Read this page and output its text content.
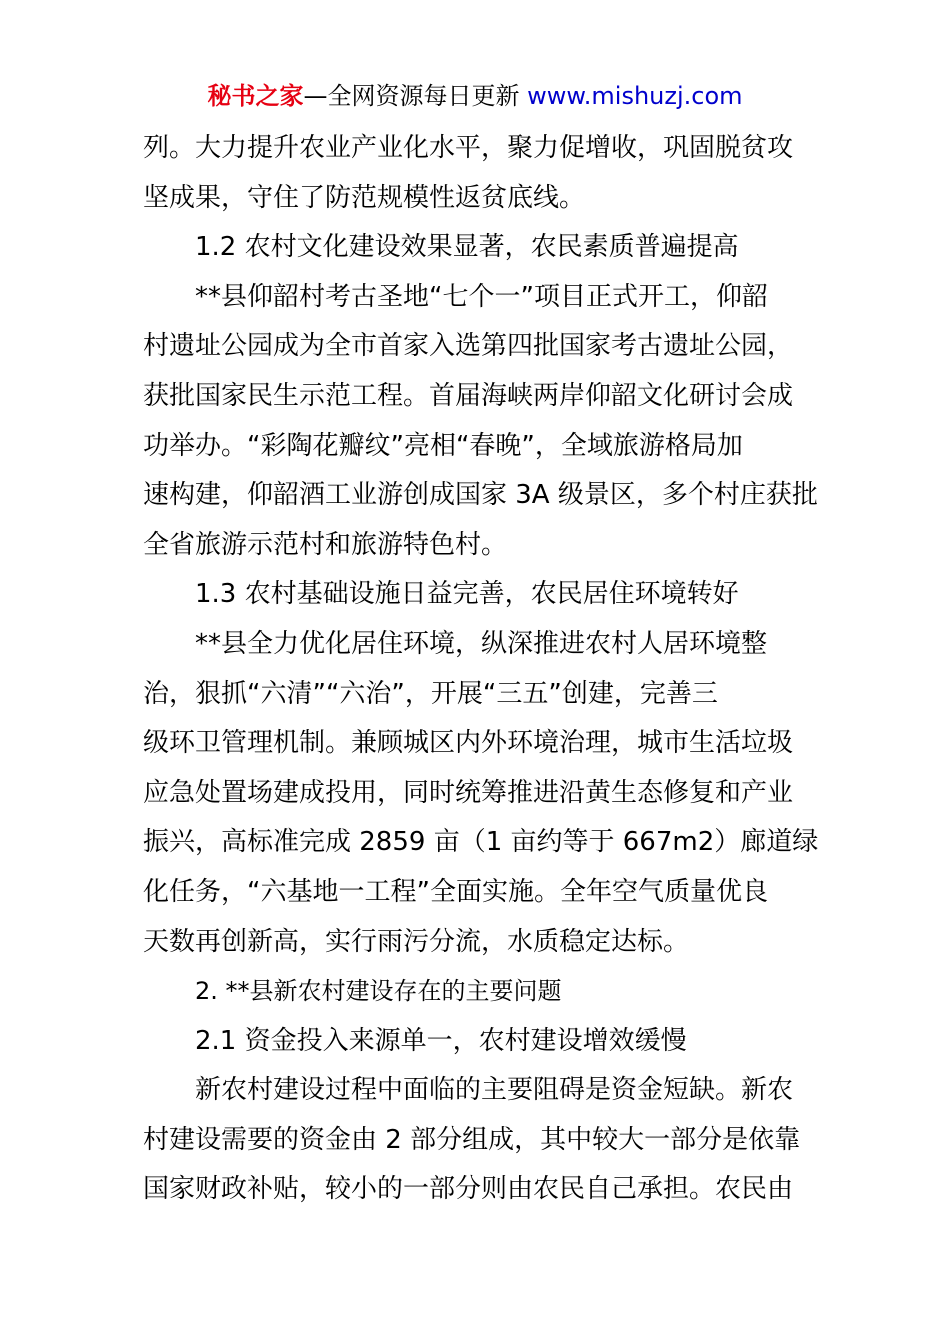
秘书之家—全网资源每日更新 www.mishuzj.com
列。大力提升农业产业化水平，聚力促增收，巩固脱贫攻
坚成果，守住了防范规模性返贫底线。
1.2 农村文化建设效果显著，农民素质普遍提高
**县仰韶村考古圣地“七个一”项目正式开工，仰韶
村遗址公园成为全市首家入选第四批国家考古遗址公园，
获批国家民生示范工程。首届海峡两岸仰韶文化研讨会成
功举办。“彩陶花瓣纹”亮相“春晚”，全域旅游格局加
速构建，仰韶酒工业游创成国家 3A 级景区，多个村庄获批
全省旅游示范村和旅游特色村。
1.3 农村基础设施日益完善，农民居住环境转好
**县全力优化居住环境，纵深推进农村人居环境整
治，狠抓“六清”“六治”，开展“三五”创建，完善三
级环卫管理机制。兼顾城区内外环境治理，城市生活垃圾
应急处置场建成投用，同时统筹推进沿黄生态修复和产业
振兴，高标准完成 2859 亩（1 亩约等于 667m2）廊道绿
化任务，“六基地一工程”全面实施。全年空气质量优良
天数再创新高，实行雨污分流，水质稳定达标。
2. **县新农村建设存在的主要问题
2.1 资金投入来源单一，农村建设增效缓慢
新农村建设过程中面临的主要阻碍是资金短缺。新农
村建设需要的资金由 2 部分组成，其中较大一部分是依靠
国家财政补贴，较小的一部分则由农民自己承担。农民由
